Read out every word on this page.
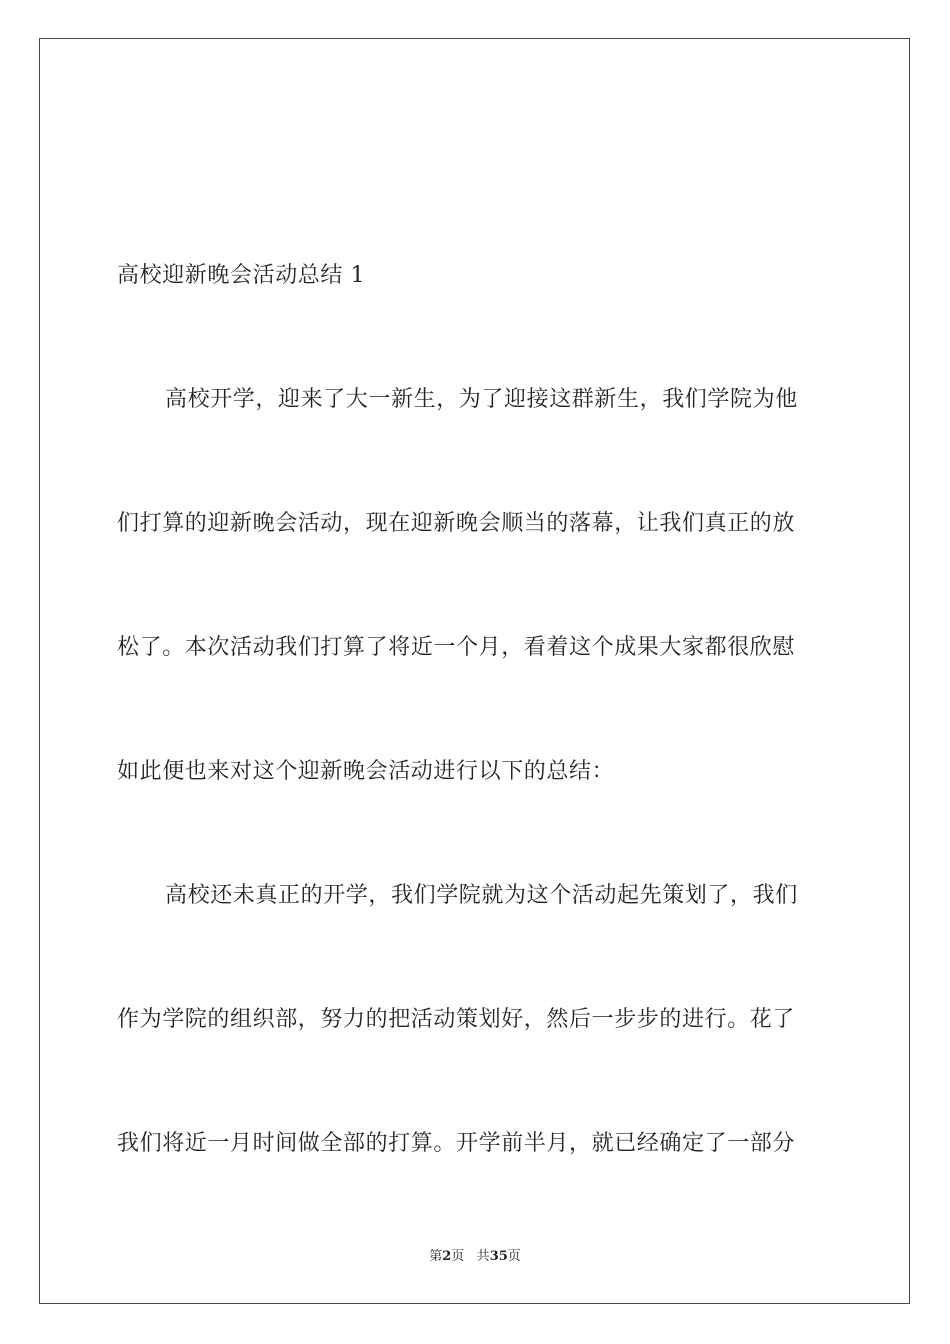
高校迎新晚会活动总结 1
高校开学，迎来了大一新生，为了迎接这群新生，我们学院为他
们打算的迎新晚会活动，现在迎新晚会顺当的落幕，让我们真正的放
松了。本次活动我们打算了将近一个月，看着这个成果大家都很欣慰
如此便也来对这个迎新晚会活动进行以下的总结：
高校还未真正的开学，我们学院就为这个活动起先策划了，我们
作为学院的组织部，努力的把活动策划好，然后一步步的进行。花了
我们将近一月时间做全部的打算。开学前半月，就已经确定了一部分
第2页 共35页
